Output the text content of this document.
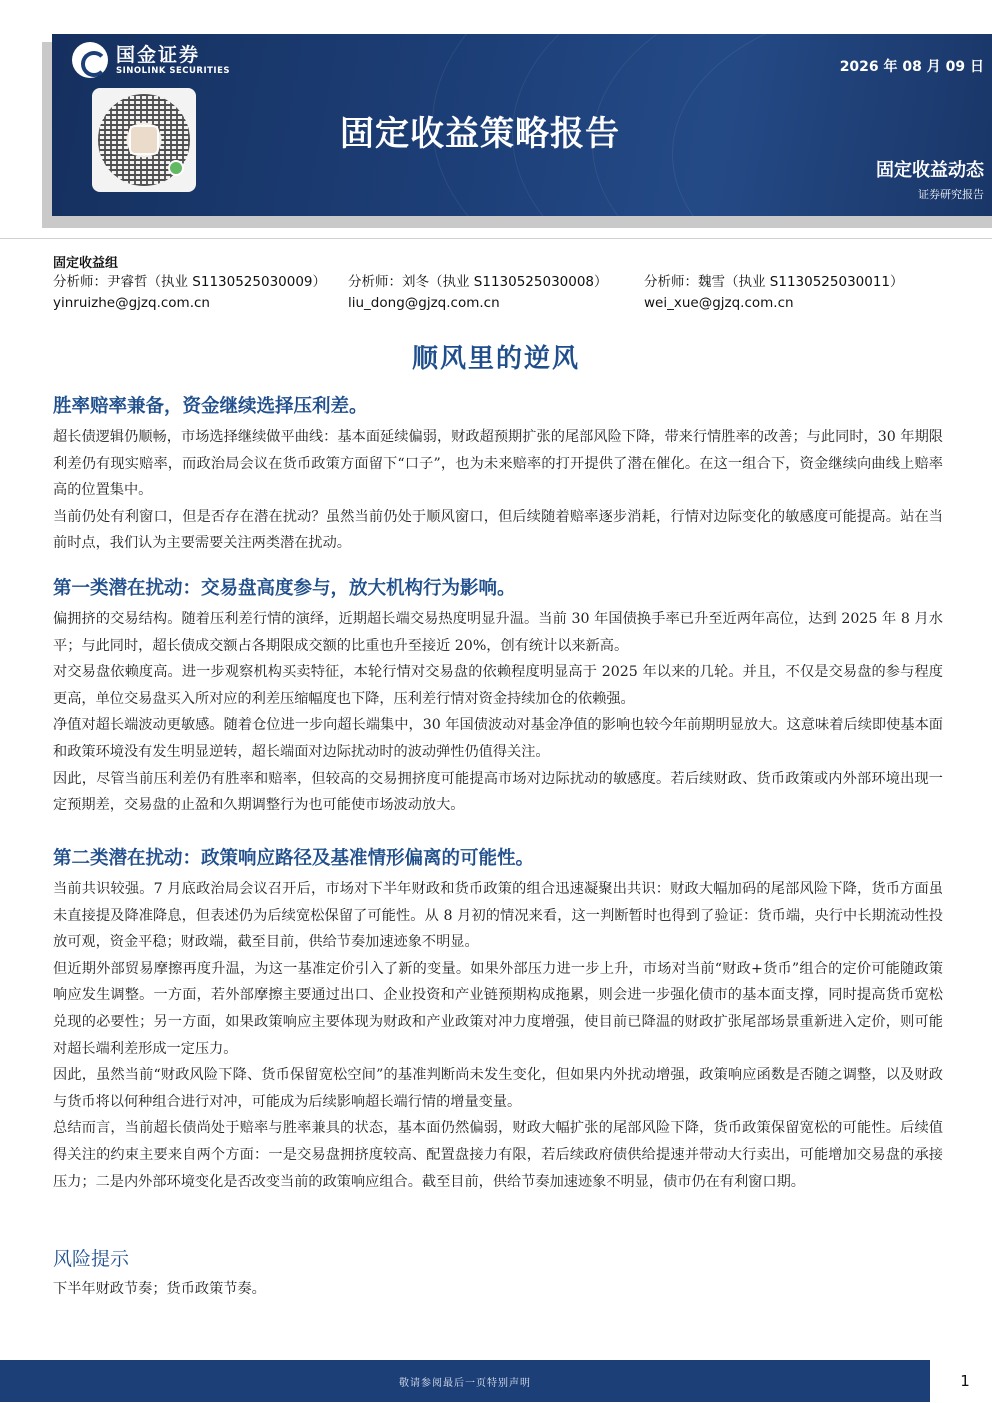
国金证券
SINOLINK SECURITIES	2026 年 08 月 09 日
固定收益策略报告
固定收益动态
证券研究报告
固定收益组
分析师：尹睿哲（执业 S1130525030009）
yinruizhe@gjzq.com.cn
分析师：刘冬（执业 S1130525030008）
liu_dong@gjzq.com.cn
分析师：魏雪（执业 S1130525030011）
wei_xue@gjzq.com.cn
顺风里的逆风
胜率赔率兼备，资金继续选择压利差。

超长债逻辑仍顺畅，市场选择继续做平曲线：基本面延续偏弱，财政超预期扩张的尾部风险下降，带来行情胜率的改善；与此同时，30 年期限利差仍有现实赔率，而政治局会议在货币政策方面留下“口子”，也为未来赔率的打开提供了潜在催化。在这一组合下，资金继续向曲线上赔率高的位置集中。

当前仍处有利窗口，但是否存在潜在扰动？虽然当前仍处于顺风窗口，但后续随着赔率逐步消耗，行情对边际变化的敏感度可能提高。站在当前时点，我们认为主要需要关注两类潜在扰动。

第一类潜在扰动：交易盘高度参与，放大机构行为影响。

偏拥挤的交易结构。随着压利差行情的演绎，近期超长端交易热度明显升温。当前 30 年国债换手率已升至近两年高位，达到 2025 年 8 月水平；与此同时，超长债成交额占各期限成交额的比重也升至接近 20%，创有统计以来新高。

对交易盘依赖度高。进一步观察机构买卖特征，本轮行情对交易盘的依赖程度明显高于 2025 年以来的几轮。并且，不仅是交易盘的参与程度更高，单位交易盘买入所对应的利差压缩幅度也下降，压利差行情对资金持续加仓的依赖强。

净值对超长端波动更敏感。随着仓位进一步向超长端集中，30 年国债波动对基金净值的影响也较今年前期明显放大。这意味着后续即使基本面和政策环境没有发生明显逆转，超长端面对边际扰动时的波动弹性仍值得关注。

因此，尽管当前压利差仍有胜率和赔率，但较高的交易拥挤度可能提高市场对边际扰动的敏感度。若后续财政、货币政策或内外部环境出现一定预期差，交易盘的止盈和久期调整行为也可能使市场波动放大。

第二类潜在扰动：政策响应路径及基准情形偏离的可能性。

当前共识较强。7 月底政治局会议召开后，市场对下半年财政和货币政策的组合迅速凝聚出共识：财政大幅加码的尾部风险下降，货币方面虽未直接提及降准降息，但表述仍为后续宽松保留了可能性。从 8 月初的情况来看，这一判断暂时也得到了验证：货币端，央行中长期流动性投放可观，资金平稳；财政端，截至目前，供给节奏加速迹象不明显。

但近期外部贸易摩擦再度升温，为这一基准定价引入了新的变量。如果外部压力进一步上升，市场对当前“财政+货币”组合的定价可能随政策响应发生调整。一方面，若外部摩擦主要通过出口、企业投资和产业链预期构成拖累，则会进一步强化债市的基本面支撑，同时提高货币宽松兑现的必要性；另一方面，如果政策响应主要体现为财政和产业政策对冲力度增强，使目前已降温的财政扩张尾部场景重新进入定价，则可能对超长端利差形成一定压力。

因此，虽然当前“财政风险下降、货币保留宽松空间”的基准判断尚未发生变化，但如果内外扰动增强，政策响应函数是否随之调整，以及财政与货币将以何种组合进行对冲，可能成为后续影响超长端行情的增量变量。

总结而言，当前超长债尚处于赔率与胜率兼具的状态，基本面仍然偏弱，财政大幅扩张的尾部风险下降，货币政策保留宽松的可能性。后续值得关注的约束主要来自两个方面：一是交易盘拥挤度较高、配置盘接力有限，若后续政府债供给提速并带动大行卖出，可能增加交易盘的承接压力；二是内外部环境变化是否改变当前的政策响应组合。截至目前，供给节奏加速迹象不明显，债市仍在有利窗口期。

风险提示

下半年财政节奏；货币政策节奏。

敬请参阅最后一页特别声明	1
